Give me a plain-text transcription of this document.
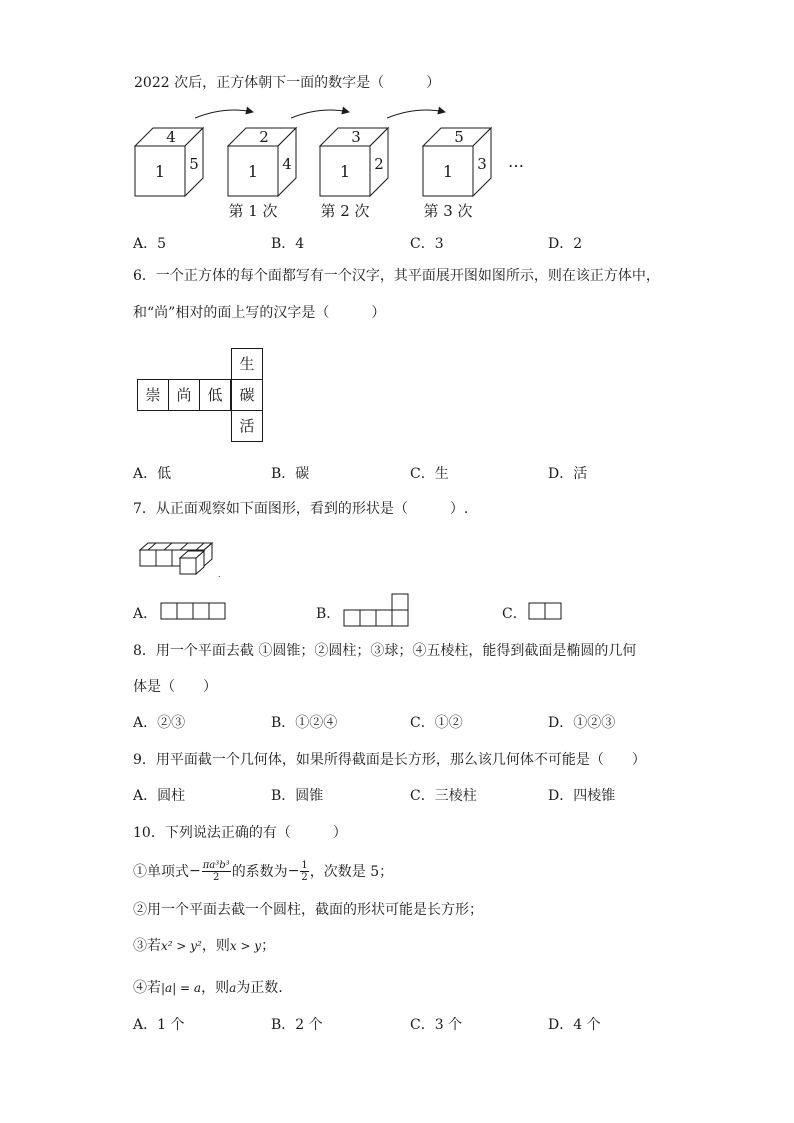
2022 次后，正方体朝下一面的数字是（　　　）
1
4
5	1
2
4
第 1 次
1
3
2
第 2 次
1
5
3
第 3 次
…
A．5	B．4	C．3	D．2
6．一个正方体的每个面都写有一个汉字，其平面展开图如图所示，则在该正方体中，
和“尚”相对的面上写的汉字是（　　　）
生
崇	尚	低	碳
活
A．低	B．碳	C．生	D．活
7．从正面观察如下面图形，看到的形状是（　　　）.
.
A．	B．	C．
8．用一个平面去截 ①圆锥；②圆柱；③球；④五棱柱，能得到截面是椭圆的几何
体是（　　）
A．②③	B．①②④	C．①②	D．①②③
9．用平面截一个几何体，如果所得截面是长方形，那么该几何体不可能是（　　）
A．圆柱	B．圆锥	C．三棱柱	D．四棱锥
10．下列说法正确的有（　　　）
①单项式 − $\frac{\text{πa³b³}}{2}$ 的系数为 − $\frac{1}{2}$ ，次数是 5；
②用一个平面去截一个圆柱，截面的形状可能是长方形；
③若x² > y²，则x > y；
④若|a| = a，则a为正数.
A．1 个	B．2 个	C．3 个	D．4 个
